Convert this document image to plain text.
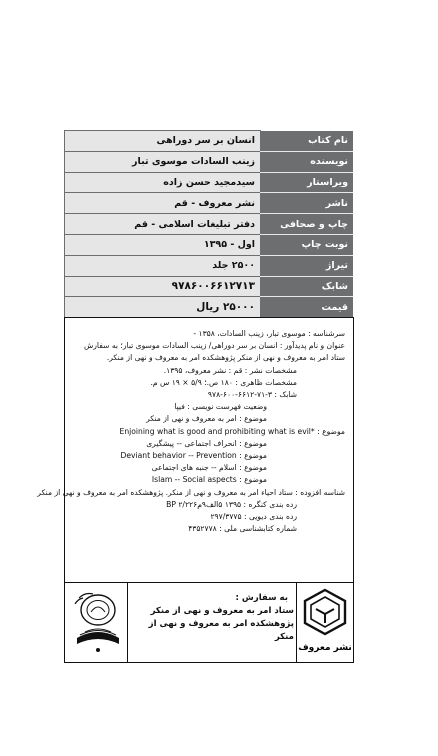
نام کتاب	انسان بر سر دوراهی
نویسنده	زینب السادات موسوی تبار
ویراستار	سیدمجید حسن زاده
ناشر	نشر معروف - قم
چاپ و صحافی	دفتر تبلیغات اسلامی - قم
نوبت چاپ	اول - ۱۳۹۵
تیراژ	۲۵۰۰ جلد
شابک	۹۷۸۶۰۰۶۶۱۲۷۱۳
قیمت	۲۵۰۰۰ ریال
سرشناسه : موسوی تبار، زینب السادات، ۱۳۵۸ -
عنوان و نام پدیدآور : انسان بر سر دوراهی/ زینب السادات موسوی تبار؛ به سفارش
ستاد امر به معروف و نهی از منکر پژوهشکده امر به معروف و نهی از منکر.
مشخصات نشر : قم : نشر معروف، ۱۳۹۵.
مشخصات ظاهری : ۱۸۰ ص.؛ ۵/۹ × ۱۹ س م.
شابک : ۳-۷۱-۶۶۱۲-۶۰۰-۹۷۸
وضعیت فهرست نویسی : فیپا
موضوع : امر به معروف و نهی از منکر
موضوع : *Enjoining what is good and prohibiting what is evil
موضوع : انحراف اجتماعی -- پیشگیری
موضوع : Deviant behavior -- Prevention
موضوع : اسلام -- جنبه های اجتماعی
موضوع : Islam -- Social aspects
شناسه افزوده : ستاد احیاء امر به معروف و نهی از منکر. پژوهشکده امر به معروف و نهی از منکر
رده بندی کنگره : ۱۳۹۵ ۵الف۹م۲/۲۲۶ BP
رده بندی دیویی : ۲۹۷/۳۷۷۵
شماره کتابشناسی ملی : ۴۳۵۲۷۷۸
به سفارش :
ستاد امر به معروف و نهی از منکر
پژوهشکده امر به معروف و نهی از منکر
نشر معروف
